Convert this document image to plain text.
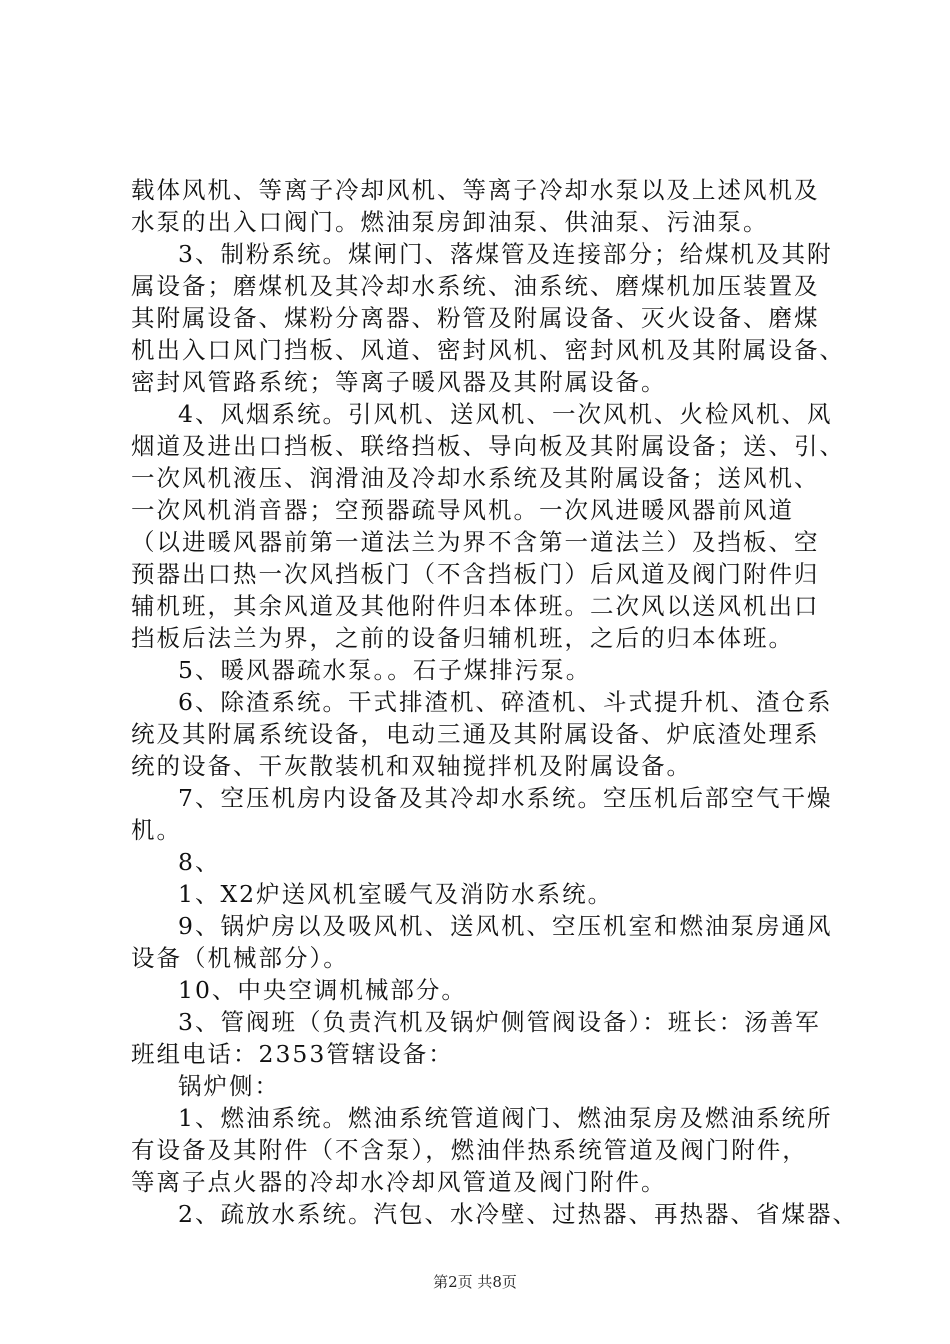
载体风机、等离子冷却风机、等离子冷却水泵以及上述风机及
水泵的出入口阀门。燃油泵房卸油泵、供油泵、污油泵。
3、制粉系统。煤闸门、落煤管及连接部分；给煤机及其附
属设备；磨煤机及其冷却水系统、油系统、磨煤机加压装置及
其附属设备、煤粉分离器、粉管及附属设备、灭火设备、磨煤
机出入口风门挡板、风道、密封风机、密封风机及其附属设备、
密封风管路系统；等离子暖风器及其附属设备。
4、风烟系统。引风机、送风机、一次风机、火检风机、风
烟道及进出口挡板、联络挡板、导向板及其附属设备；送、引、
一次风机液压、润滑油及冷却水系统及其附属设备；送风机、
一次风机消音器；空预器疏导风机。一次风进暖风器前风道
（以进暖风器前第一道法兰为界不含第一道法兰）及挡板、空
预器出口热一次风挡板门（不含挡板门）后风道及阀门附件归
辅机班，其余风道及其他附件归本体班。二次风以送风机出口
挡板后法兰为界，之前的设备归辅机班，之后的归本体班。
5、暖风器疏水泵。。石子煤排污泵。
6、除渣系统。干式排渣机、碎渣机、斗式提升机、渣仓系
统及其附属系统设备，电动三通及其附属设备、炉底渣处理系
统的设备、干灰散装机和双轴搅拌机及附属设备。
7、空压机房内设备及其冷却水系统。空压机后部空气干燥
机。
8、
1、X2炉送风机室暖气及消防水系统。
9、锅炉房以及吸风机、送风机、空压机室和燃油泵房通风
设备（机械部分）。
10、中央空调机械部分。
3、管阀班（负责汽机及锅炉侧管阀设备）：班长：汤善军
班组电话：2353管辖设备：
锅炉侧：
1、燃油系统。燃油系统管道阀门、燃油泵房及燃油系统所
有设备及其附件（不含泵），燃油伴热系统管道及阀门附件，
等离子点火器的冷却水冷却风管道及阀门附件。
2、疏放水系统。汽包、水冷壁、过热器、再热器、省煤器、
第2页 共8页
